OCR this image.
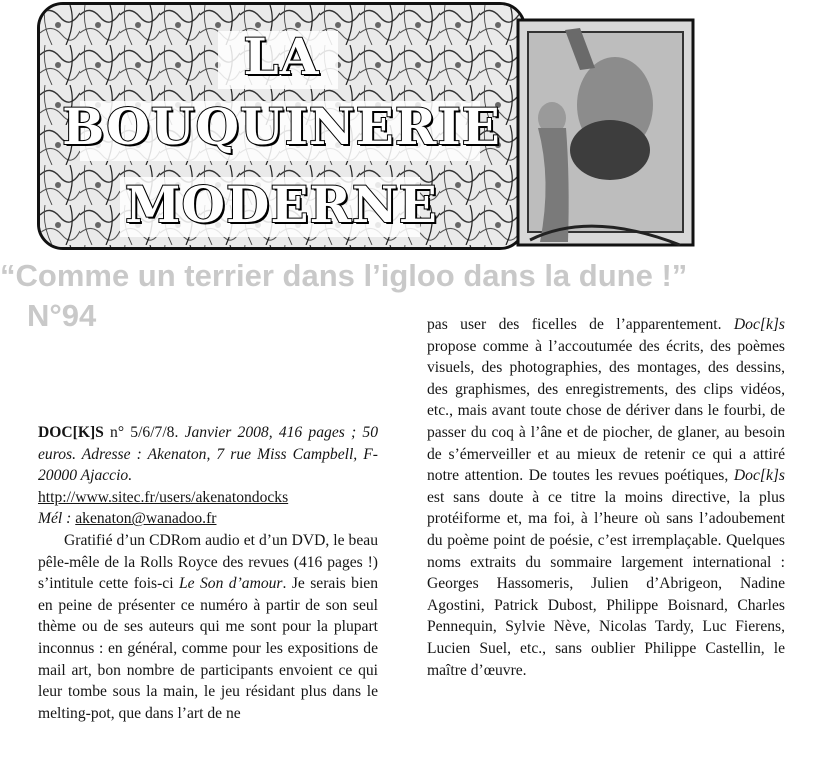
LA
BOUQUINERIE
MODERNE
“Comme un terrier dans l’igloo dans la dune !”
N°94

DOC[K]S n° 5/6/7/8. Janvier 2008, 416 pages ; 50 euros. Adresse : Akenaton, 7 rue Miss Campbell, F-20000 Ajaccio.

http://www.sitec.fr/users/akenatondocks

Mél : akenaton@wanadoo.fr

Gratifié d’un CDRom audio et d’un DVD, le beau pêle-mêle de la Rolls Royce des revues (416 pages !) s’intitule cette fois-ci Le Son d’amour. Je serais bien en peine de présenter ce numéro à partir de son seul thème ou de ses auteurs qui me sont pour la plupart inconnus : en général, comme pour les expositions de mail art, bon nombre de participants envoient ce qui leur tombe sous la main, le jeu résidant plus dans le melting-pot, que dans l’art de ne

pas user des ficelles de l’apparentement. Doc[k]s propose comme à l’accoutumée des écrits, des poèmes visuels, des photographies, des montages, des dessins, des graphismes, des enregistrements, des clips vidéos, etc., mais avant toute chose de dériver dans le fourbi, de passer du coq à l’âne et de piocher, de glaner, au besoin de s’émerveiller et au mieux de retenir ce qui a attiré notre attention. De toutes les revues poétiques, Doc[k]s est sans doute à ce titre la moins directive, la plus protéiforme et, ma foi, à l’heure où sans l’adoubement du poème point de poésie, c’est irremplaçable. Quelques noms extraits du sommaire largement international : Georges Hassomeris, Julien d’Abrigeon, Nadine Agostini, Patrick Dubost, Philippe Boisnard, Charles Pennequin, Sylvie Nève, Nicolas Tardy, Luc Fierens, Lucien Suel, etc., sans oublier Philippe Castellin, le maître d’œuvre.
